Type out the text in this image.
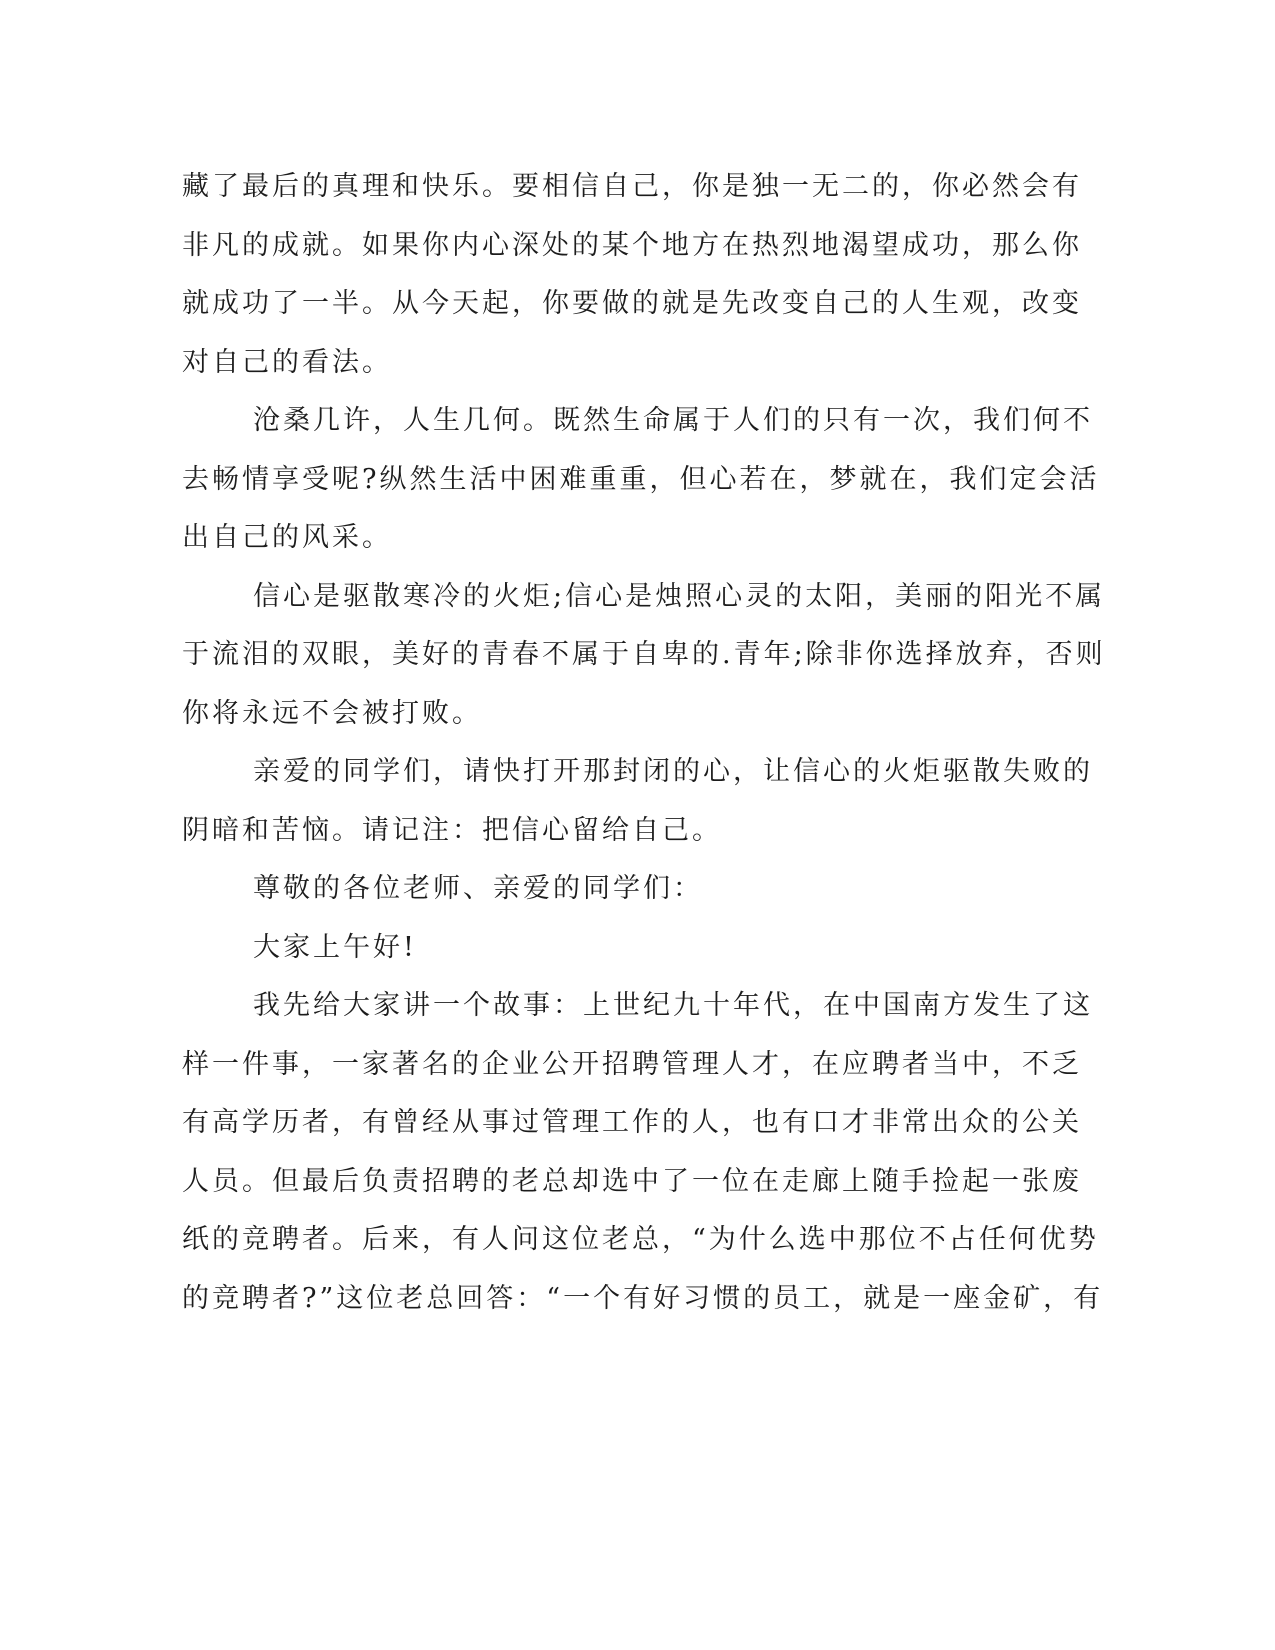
藏了最后的真理和快乐。要相信自己，你是独一无二的，你必然会有
非凡的成就。如果你内心深处的某个地方在热烈地渴望成功，那么你
就成功了一半。从今天起，你要做的就是先改变自己的人生观，改变
对自己的看法。
沧桑几许，人生几何。既然生命属于人们的只有一次，我们何不
去畅情享受呢?纵然生活中困难重重，但心若在，梦就在，我们定会活
出自己的风采。
信心是驱散寒冷的火炬;信心是烛照心灵的太阳，美丽的阳光不属
于流泪的双眼，美好的青春不属于自卑的.青年;除非你选择放弃，否则
你将永远不会被打败。
亲爱的同学们，请快打开那封闭的心，让信心的火炬驱散失败的
阴暗和苦恼。请记注：把信心留给自己。
尊敬的各位老师、亲爱的同学们：
大家上午好!
我先给大家讲一个故事：上世纪九十年代，在中国南方发生了这
样一件事，一家著名的企业公开招聘管理人才，在应聘者当中，不乏
有高学历者，有曾经从事过管理工作的人，也有口才非常出众的公关
人员。但最后负责招聘的老总却选中了一位在走廊上随手捡起一张废
纸的竞聘者。后来，有人问这位老总，“为什么选中那位不占任何优势
的竞聘者?”这位老总回答：“一个有好习惯的员工，就是一座金矿，有
